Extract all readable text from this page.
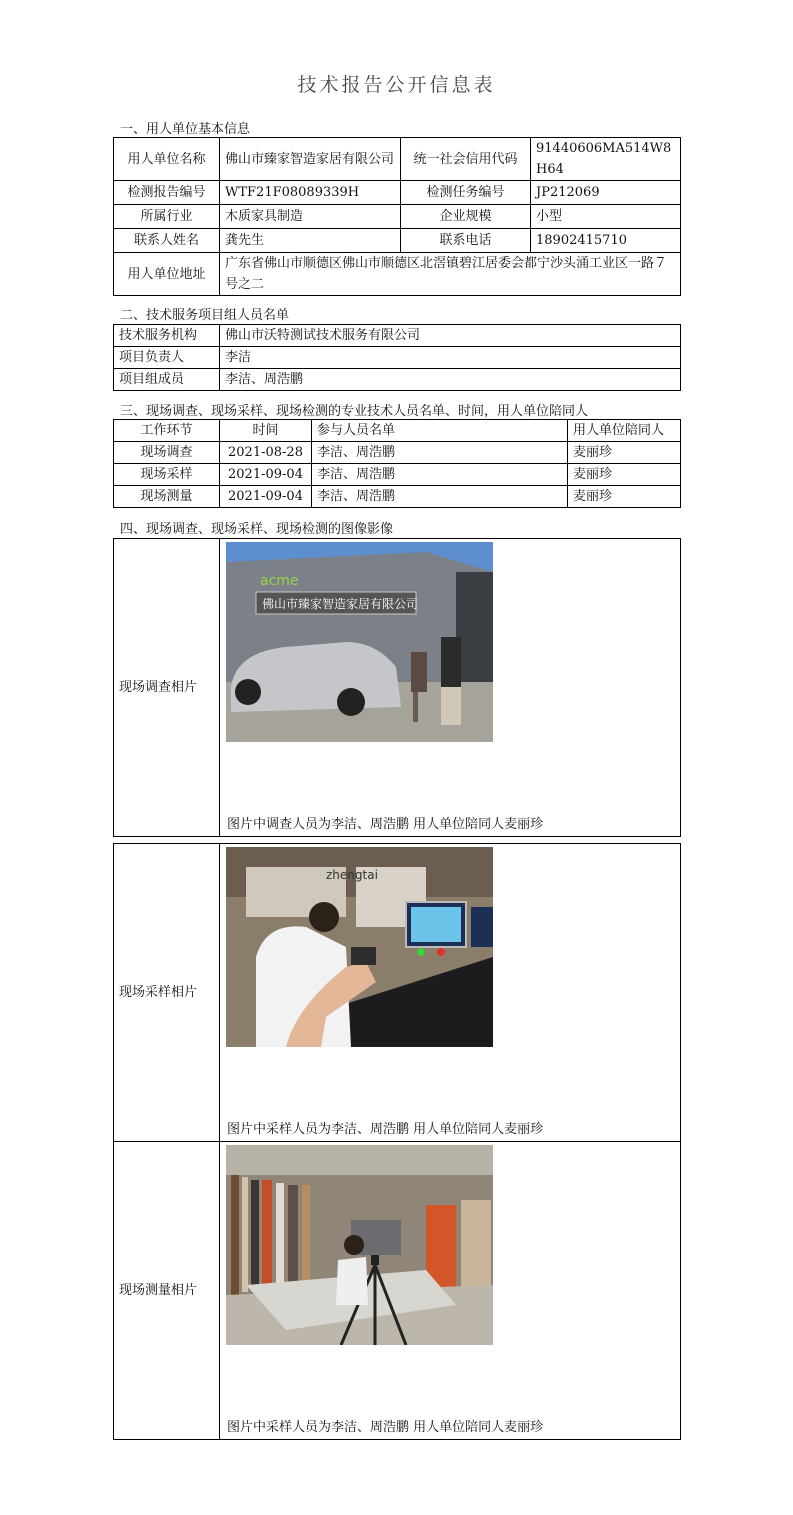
技术报告公开信息表
一、用人单位基本信息
用人单位名称	佛山市臻家智造家居有限公司	统一社会信用代码	91440606MA514W8H64
检测报告编号	WTF21F08089339H	检测任务编号	JP212069
所属行业	木质家具制造	企业规模	小型
联系人姓名	龚先生	联系电话	18902415710
用人单位地址	广东省佛山市顺德区佛山市顺德区北滘镇碧江居委会都宁沙头涌工业区一路７号之二		
二、技术服务项目组人员名单
技术服务机构	佛山市沃特测试技术服务有限公司
项目负责人	李洁
项目组成员	李洁、周浩鹏
三、现场调查、现场采样、现场检测的专业技术人员名单、时间，用人单位陪同人
工作环节	时间	参与人员名单	用人单位陪同人
现场调查	2021-08-28	李洁、周浩鹏	麦丽珍
现场采样	2021-09-04	李洁、周浩鹏	麦丽珍
现场测量	2021-09-04	李洁、周浩鹏	麦丽珍
四、现场调查、现场采样、现场检测的图像影像
现场调查相片	
acme
佛山市臻家智造家居有限公司
图片中调查人员为李洁、周浩鹏 用人单位陪同人麦丽珍
现场采样相片	zhengtai
图片中采样人员为李洁、周浩鹏 用人单位陪同人麦丽珍

现场测量相片	图片中采样人员为李洁、周浩鹏 用人单位陪同人麦丽珍
